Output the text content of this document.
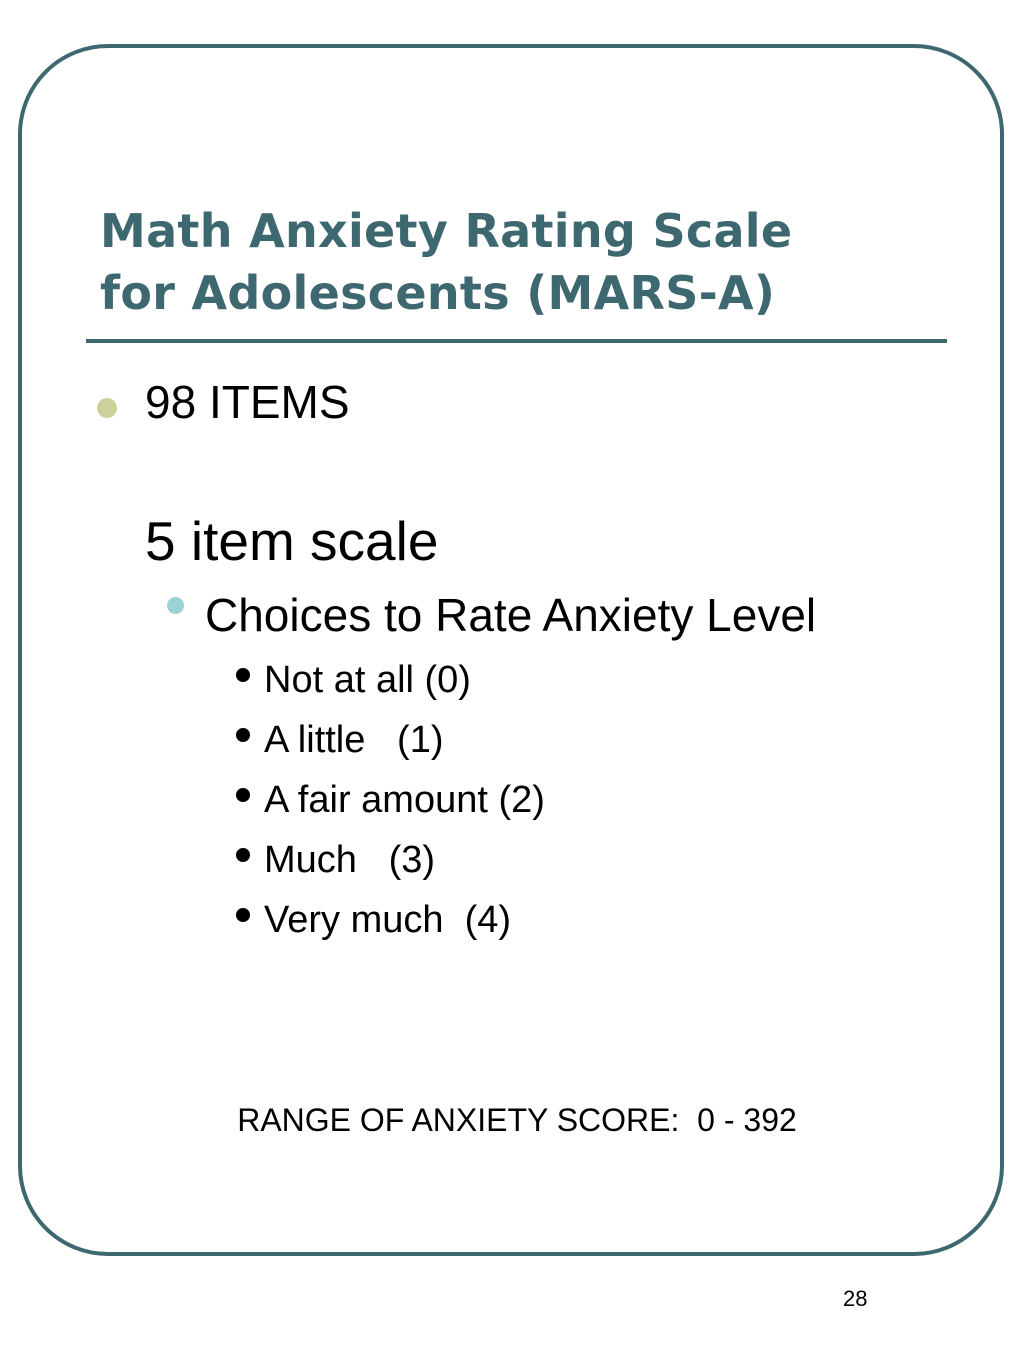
Math Anxiety Rating Scale
for Adolescents (MARS-A)
98 ITEMS
5 item scale
Choices to Rate Anxiety Level
Not at all (0)
A little   (1)
A fair amount (2)
Much   (3)
Very much  (4)
RANGE OF ANXIETY SCORE:  0 - 392
28
